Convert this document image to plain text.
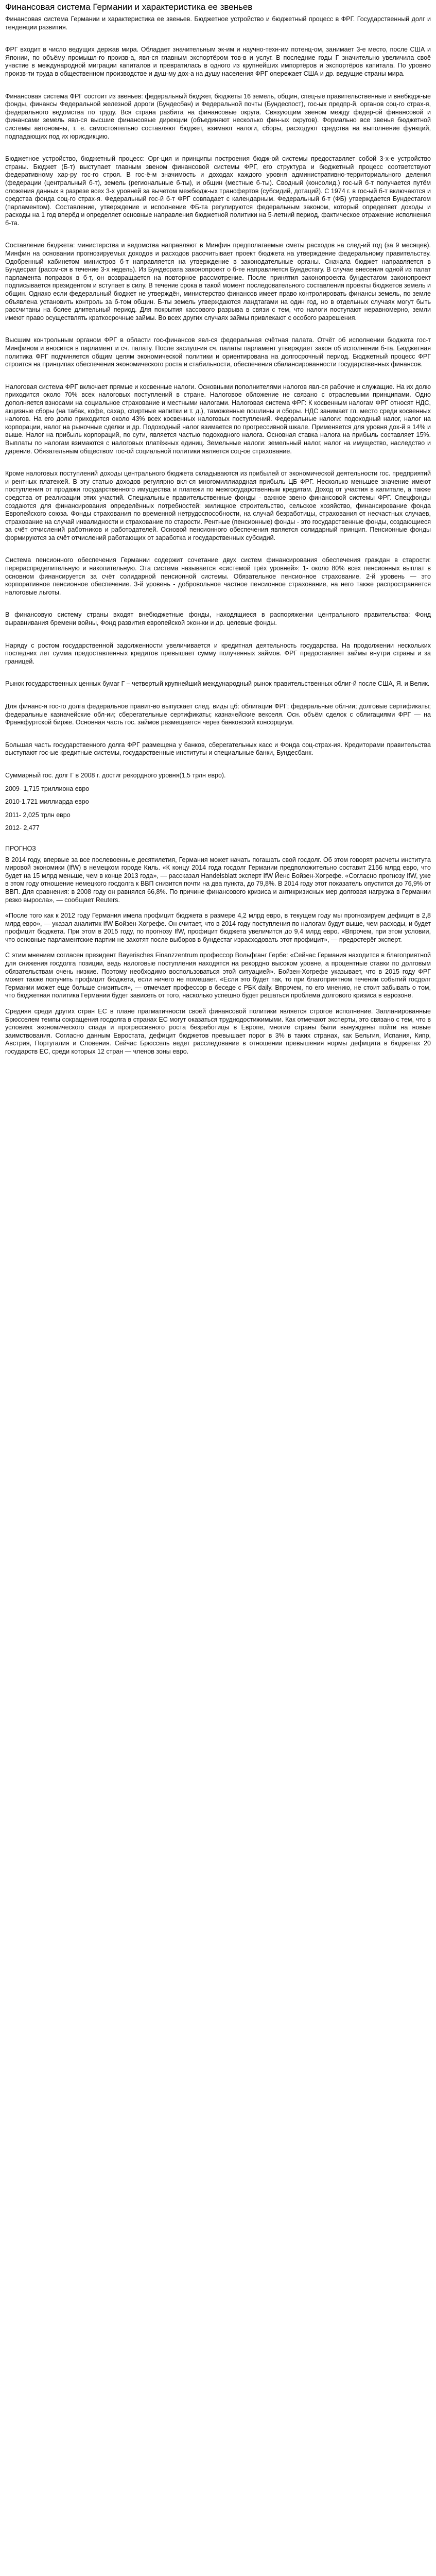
Финансовая система Германии и характеристика ее звеньев
Финансовая система Германии и характеристика ее звеньев. Бюджетное устройство и бюджетный процесс в ФРГ. Государственный долг и тенденции развития.
ФРГ входит в число ведущих держав мира. Обладает значительным эк-им и научно-техн-им потенц-ом, занимает 3-е место, после США и Японии, по объёму промышл-го произв-а, явл-ся главным экспортёром тов-в и услуг. В последние годы Г значительно увеличила своё участие в международной миграции капиталов и превратилась в одного из крупнейших импортёров и экспортёров капитала. По уровню произв-ти труда в общественном производстве и душ-му дох-а на душу населения ФРГ опережает США и др. ведущие страны мира.
Финансовая система ФРГ состоит из звеньев: федеральный бюджет, бюджеты 16 земель, общин, спец-ые правительственные и внебюдж-ые фонды, финансы Федеральной железной дороги (Бундесбан) и Федеральной почты (Бундеспост), гос-ых предпр-й, органов соц-го страх-я, федерального ведомства по труду. Вся страна разбита на финансовые округа. Связующим звеном между федер-ой финансовой и финансами земель явл-ся высшие финансовые дирекции (объединяют несколько фин-ых округов). Формально все звенья бюджетной системы автономны, т. е. самостоятельно составляют бюджет, взимают налоги, сборы, расходуют средства на выполнение функций, подпадающих под их юрисдикцию.
Бюджетное устройство, бюджетный процесс: Орг-ция и принципы построения бюдж-ой системы предоставляет собой 3-х-е устройство страны. Бюджет (Б-т) выступает главным звеном финансовой системы ФРГ, его структура и бюджетный процесс соответствуют федеративному хар-ру гос-го строя. В гос-ё-м значимость и доходах каждого уровня административно-территориального деления (федерации (центральный б-т), земель (региональные б-ты), и общин (местные б-ты). Сводный (консолид.) гос-ый б-т получается путём сложения данных в разрезе всех 3-х уровней за вычетом межбюдж-ых трансфертов (субсидий, дотаций). С 1974 г. в гос-ый б-т включаются и средства фонда соц-го страх-я. Федеральный гос-й б-т ФРГ совпадает с календарным. Федеральный б-т (ФБ) утверждается Бундестагом (парламентом). Составление, утверждение и исполнение ФБ-та регулируются федеральным законом, который определяет доходы и расходы на 1 год вперёд и определяет основные направления бюджетной политики на 5-летний период, фактическое отражение исполнения б-та.
Составление бюджета: министерства и ведомства направляют в Минфин предполагаемые сметы расходов на след-ий год (за 9 месяцев). Минфин на основании прогнозируемых доходов и расходов рассчитывает проект бюджета на утверждение федеральному правительству. Одобренный кабинетом министров б-т направляется на утверждение в законодательные органы. Сначала бюджет направляется в Бундесрат (рассм-ся в течение 3-х недель). Из Бундесрата законопроект о б-те направляется Бундестагу. В случае внесения одной из палат парламента поправок в б-т, он возвращается на повторное рассмотрение. После принятия законопроекта бундестагом законопроект подписывается президентом и вступает в силу. В течение срока в такой момент последовательного составления проекты бюджетов земель и общин. Однако если федеральный бюджет не утверждён, министерство финансов имеет право контролировать финансы земель, по земле объявлена установить контроль за б-том общин. Б-ты земель утверждаются ландтагами на один год, но в отдельных случаях могут быть рассчитаны на более длительный период. Для покрытия кассового разрыва в связи с тем, что налоги поступают неравномерно, земли имеют право осуществлять краткосрочные займы. Во всех других случаях займы привлекают с особого разрешения.
Высшим контрольным органом ФРГ в области гос-финансов явл-ся федеральная счётная палата. Отчёт об исполнении бюджета гос-т Минфином и вносится в парламент и сч. палату. После заслуш-ия сч. палаты парламент утверждает закон об исполнении б-та. Бюджетная политика ФРГ подчиняется общим целям экономической политики и ориентирована на долгосрочный период. Бюджетный процесс ФРГ строится на принципах обеспечения экономического роста и стабильности, обеспечения сбалансированности государственных финансов.
Налоговая система ФРГ включает прямые и косвенные налоги. Основными пополнителями налогов явл-ся рабочие и служащие. На их долю приходится около 70% всех налоговых поступлений в стране. Налоговое обложение не связано с отраслевыми принципами. Одно дополняется взносами на социальное страхование и местными налогами. Налоговая система ФРГ: К косвенным налогам ФРГ относят НДС, акцизные сборы (на табак, кофе, сахар, спиртные напитки и т. д.), таможенные пошлины и сборы. НДС занимает гл. место среди косвенных налогов. На его долю приходится около 43% всех косвенных налоговых поступлений. Федеральные налоги: подоходный налог, налог на корпорации, налог на рыночные сделки и др. Подоходный налог взимается по прогрессивной шкале. Применяется для уровня дох-й в 14% и выше. Налог на прибыль корпораций, по сути, является частью подоходного налога. Основная ставка налога на прибыль составляет 15%. Выплаты по налогам взимаются с налоговых платёжных единиц. Земельные налоги: земельный налог, налог на имущество, наследство и дарение. Обязательным обществом гос-ой социальной политики является соц-ое страхование.
Кроме налоговых поступлений доходы центрального бюджета складываются из прибылей от экономической деятельности гос. предприятий и рентных платежей. В эту статью доходов регулярно вкл-ся многомиллиардная прибыль ЦБ ФРГ. Несколько меньшее значение имеют поступления от продажи государственного имущества и платежи по межгосударственным кредитам. Доход от участия в капитале, а также средства от реализации этих участий. Специальные правительственные фонды - важное звено финансовой системы ФРГ. Спецфонды создаются для финансирования определённых потребностей: жилищное строительство, сельское хозяйство, финансирование фонда Европейского союза. Фонды страхования по временной нетрудоспособности, на случай безработицы, страхования от несчастных случаев, страхование на случай инвалидности и страхование по старости. Рентные (пенсионные) фонды - это государственные фонды, создающиеся за счёт отчислений работников и работодателей. Основой пенсионного обеспечения является солидарный принцип. Пенсионные фонды формируются за счёт отчислений работающих от заработка и государственных субсидий.
Система пенсионного обеспечения Германии содержит сочетание двух систем финансирования обеспечения граждан в старости: перераспределительную и накопительную. Эта система называется «системой трёх уровней»: 1- около 80% всех пенсионных выплат в основном финансируется за счёт солидарной пенсионной системы. Обязательное пенсионное страхование. 2-й уровень — это корпоративное пенсионное обеспечение. 3-й уровень - добровольное частное пенсионное страхование, на него также распространяется налоговые льготы.
В финансовую систему страны входят внебюджетные фонды, находящиеся в распоряжении центрального правительства: Фонд выравнивания бремени войны, Фонд развития европейской экон-ки и др. целевые фонды.
Наряду с ростом государственной задолженности увеличивается и кредитная деятельность государства. На продолжении нескольких последних лет сумма предоставленных кредитов превышает сумму полученных займов. ФРГ предоставляет займы внутри страны и за границей.
Рынок государственных ценных бумаг Г – четвертый крупнейший международный рынок правительственных облиг-й после США, Я. и Велик.
Для финанс-я гос-го долга федеральное правит-во выпускает след. виды цб: облигации ФРГ; федеральные обл-ии; долговые сертификаты; федеральные казначейские обл-ии; сберегательные сертификаты; казначейские векселя. Осн. объём сделок с облигациями ФРГ — на Франкфуртской бирже. Основная часть гос. займов размещается через банковский консорциум.
Большая часть государственного долга ФРГ размещена у банков, сберегательных касс и Фонда соц-страх-ия. Кредиторами правительства выступают гос-ые кредитные системы, государственные институты и специальные банки, Бундесбанк.
Суммарный гос. долг Г в 2008 г. достиг рекордного уровня(1,5 трлн евро).
2009- 1,715 триллиона евро
2010-1,721 миллиарда евро
2011- 2,025 трлн евро
2012- 2,477
ПРОГНОЗ
В 2014 году, впервые за все послевоенные десятилетия, Германия может начать погашать свой госдолг. Об этом говорят расчеты института мировой экономики (IfW) в немецком городе Киль. «К концу 2014 года госдолг Германии предположительно составит 2156 млрд евро, что будет на 15 млрд меньше, чем в конце 2013 года», — рассказал Handelsblatt эксперт IfW Йенс Бойзен-Хогрефе. «Согласно прогнозу IfW, уже в этом году отношение немецкого госдолга к ВВП снизится почти на два пункта, до 79,8%. В 2014 году этот показатель опустится до 76,9% от ВВП. Для сравнения: в 2008 году он равнялся 66,8%. По причине финансового кризиса и антикризисных мер долговая нагрузка в Германии резко выросла», — сообщает Reuters.
«После того как к 2012 году Германия имела профицит бюджета в размере 4,2 млрд евро, в текущем году мы прогнозируем дефицит в 2,8 млрд евро», — указал аналитик IfW Бойзен-Хогрефе. Он считает, что в 2014 году поступления по налогам будут выше, чем расходы, и будет профицит бюджета. При этом в 2015 году, по прогнозу IfW, профицит бюджета увеличится до 9,4 млрд евро. «Впрочем, при этом условии, что основные парламентские партии не захотят после выборов в бундестаг израсходовать этот профицит», — предостерёг эксперт.
С этим мнением согласен президент Bayerisches Finanzzentrum профессор Вольфганг Гербе: «Сейчас Германия находится в благоприятной для снижения госдолга позиции, ведь налоговые поступления находятся на рекордно высоком уровне, а процентные ставки по долговым обязательствам очень низкие. Поэтому необходимо воспользоваться этой ситуацией». Бойзен-Хогрефе указывает, что в 2015 году ФРГ может также получить профицит бюджета, если ничего не помешает. «Если это будет так, то при благоприятном течении событий госдолг Германии может еще больше снизиться», — отмечает профессор в беседе с РБК daily. Впрочем, по его мнению, не стоит забывать о том, что бюджетная политика Германии будет зависеть от того, насколько успешно будет решаться проблема долгового кризиса в еврозоне.
Средняя среди других стран ЕС в плане прагматичности своей финансовой политики является строгое исполнение. Запланированные Брюсселем темпы сокращения госдолга в странах ЕС могут оказаться труднодостижимыми. Как отмечают эксперты, это связано с тем, что в условиях экономического спада и прогрессивного роста безработицы в Европе, многие страны были вынуждены пойти на новые заимствования. Согласно данным Евростата, дефицит бюджетов превышает порог в 3% в таких странах, как Бельгия, Испания, Кипр, Австрия, Португалия и Словения. Сейчас Брюссель ведет расследование в отношении превышения нормы дефицита в бюджетах 20 государств ЕС, среди которых 12 стран — членов зоны евро.
